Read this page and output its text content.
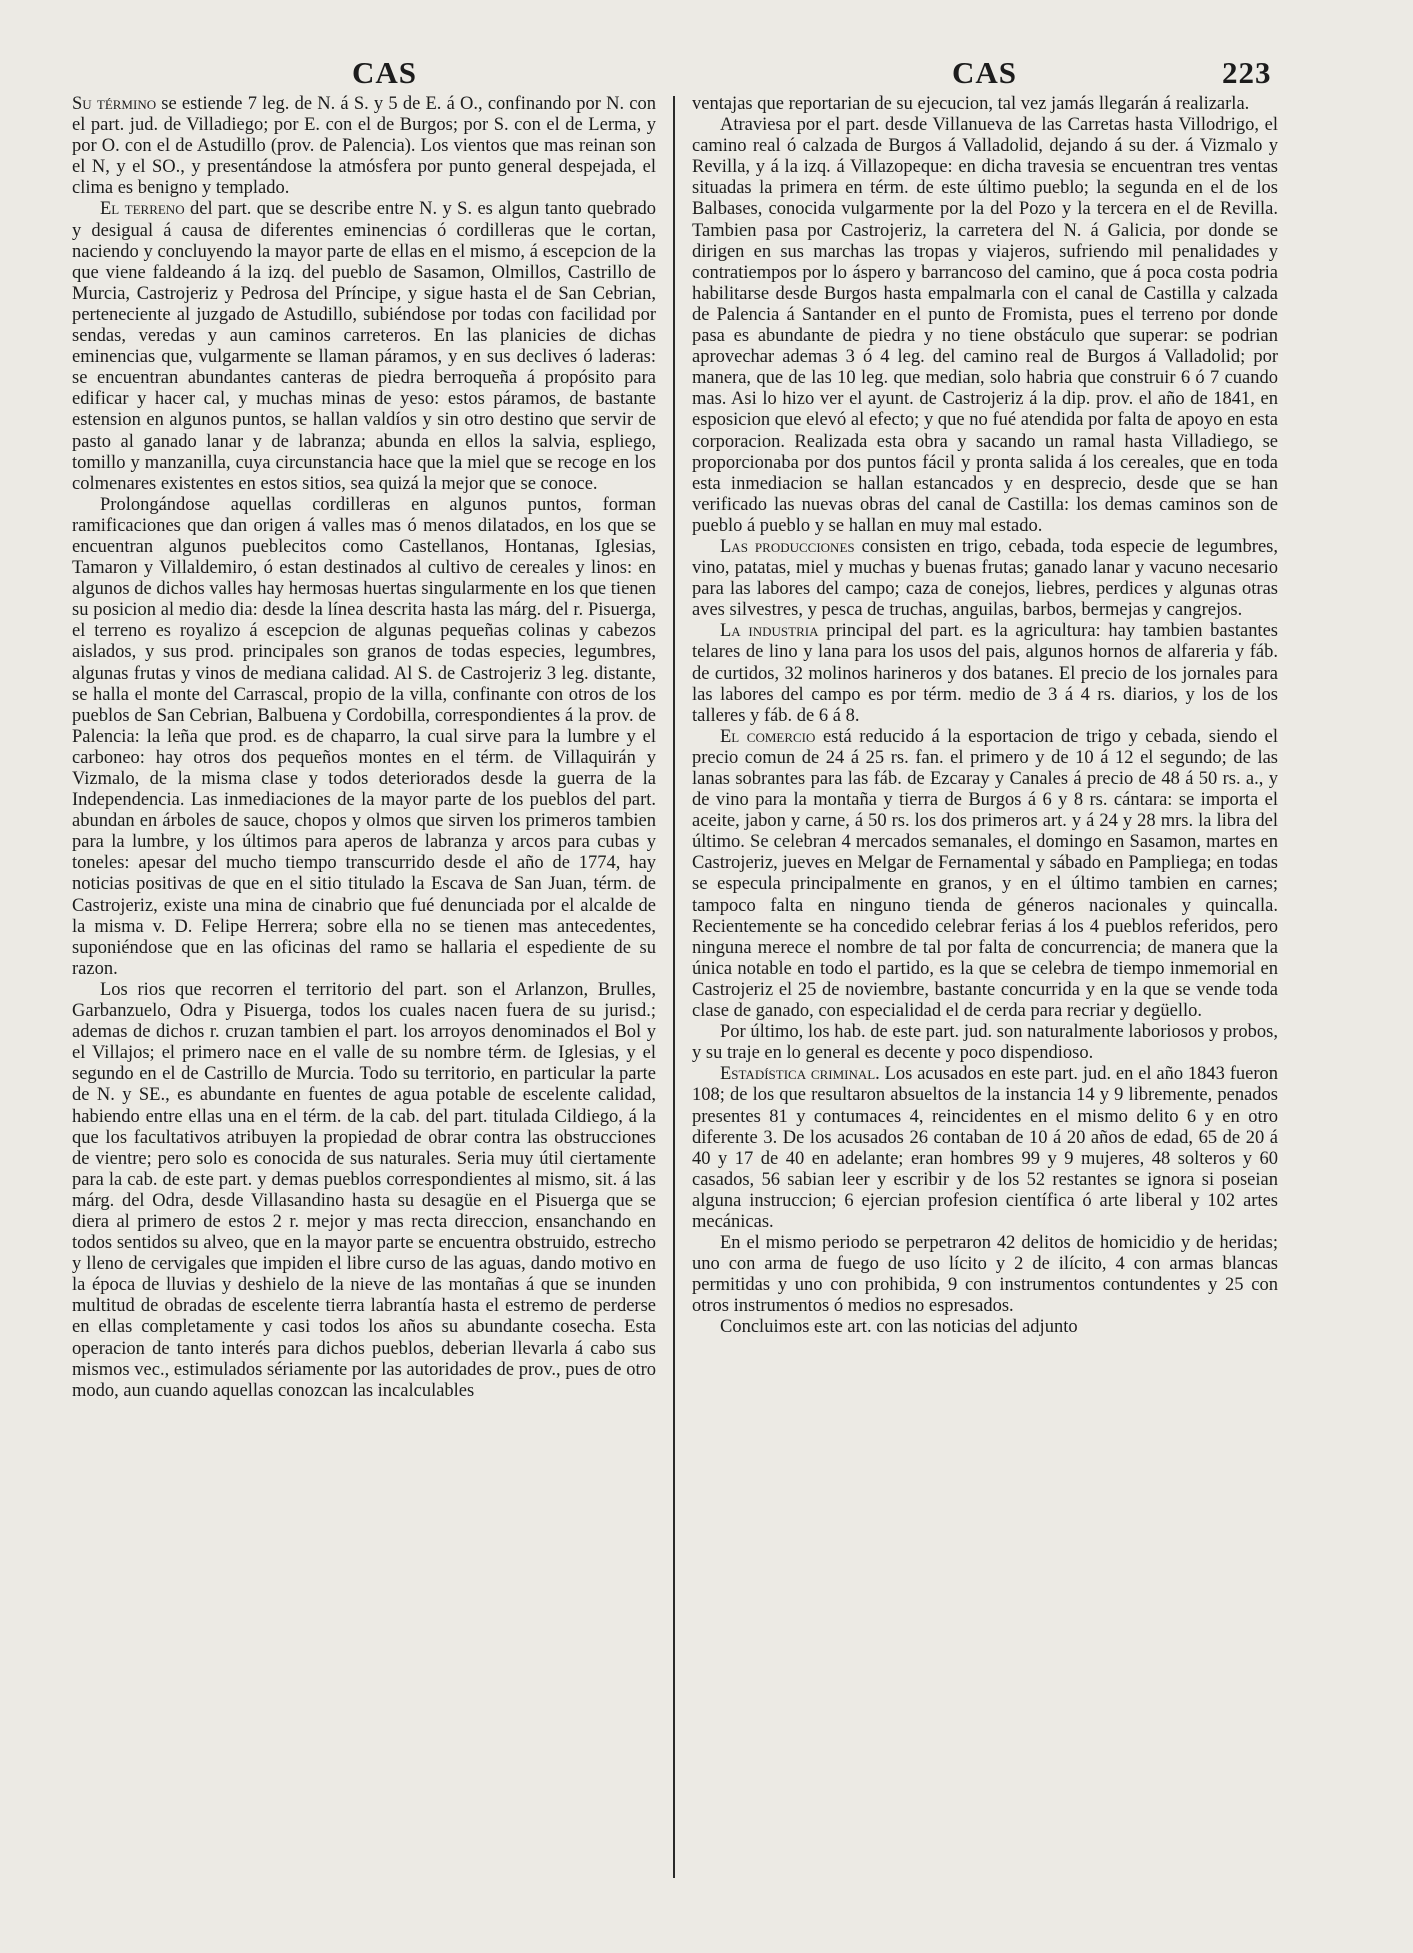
CAS	CAS	223

Su término se estiende 7 leg. de N. á S. y 5 de E. á O., confinando por N. con el part. jud. de Villadiego; por E. con el de Burgos; por S. con el de Lerma, y por O. con el de Astudillo (prov. de Palencia). Los vientos que mas reinan son el N, y el SO., y presentándose la atmósfera por punto general despejada, el clima es benigno y templado.

El terreno del part. que se describe entre N. y S. es algun tanto quebrado y desigual á causa de diferentes eminencias ó cordilleras que le cortan, naciendo y concluyendo la mayor parte de ellas en el mismo, á escepcion de la que viene faldeando á la izq. del pueblo de Sasamon, Olmillos, Castrillo de Murcia, Castrojeriz y Pedrosa del Príncipe, y sigue hasta el de San Cebrian, perteneciente al juzgado de Astudillo, subiéndose por todas con facilidad por sendas, veredas y aun caminos carreteros. En las planicies de dichas eminencias que, vulgarmente se llaman páramos, y en sus declives ó laderas: se encuentran abundantes canteras de piedra berroqueña á propósito para edificar y hacer cal, y muchas minas de yeso: estos páramos, de bastante estension en algunos puntos, se hallan valdíos y sin otro destino que servir de pasto al ganado lanar y de labranza; abunda en ellos la salvia, espliego, tomillo y manzanilla, cuya circunstancia hace que la miel que se recoge en los colmenares existentes en estos sitios, sea quizá la mejor que se conoce.

Prolongándose aquellas cordilleras en algunos puntos, forman ramificaciones que dan origen á valles mas ó menos dilatados, en los que se encuentran algunos pueblecitos como Castellanos, Hontanas, Iglesias, Tamaron y Villaldemiro, ó estan destinados al cultivo de cereales y linos: en algunos de dichos valles hay hermosas huertas singularmente en los que tienen su posicion al medio dia: desde la línea descrita hasta las márg. del r. Pisuerga, el terreno es royalizo á escepcion de algunas pequeñas colinas y cabezos aislados, y sus prod. principales son granos de todas especies, legumbres, algunas frutas y vinos de mediana calidad. Al S. de Castrojeriz 3 leg. distante, se halla el monte del Carrascal, propio de la villa, confinante con otros de los pueblos de San Cebrian, Balbuena y Cordobilla, correspondientes á la prov. de Palencia: la leña que prod. es de chaparro, la cual sirve para la lumbre y el carboneo: hay otros dos pequeños montes en el térm. de Villaquirán y Vizmalo, de la misma clase y todos deteriorados desde la guerra de la Independencia. Las inmediaciones de la mayor parte de los pueblos del part. abundan en árboles de sauce, chopos y olmos que sirven los primeros tambien para la lumbre, y los últimos para aperos de labranza y arcos para cubas y toneles: apesar del mucho tiempo transcurrido desde el año de 1774, hay noticias positivas de que en el sitio titulado la Escava de San Juan, térm. de Castrojeriz, existe una mina de cinabrio que fué denunciada por el alcalde de la misma v. D. Felipe Herrera; sobre ella no se tienen mas antecedentes, suponiéndose que en las oficinas del ramo se hallaria el espediente de su razon.

Los rios que recorren el territorio del part. son el Arlanzon, Brulles, Garbanzuelo, Odra y Pisuerga, todos los cuales nacen fuera de su jurisd.; ademas de dichos r. cruzan tambien el part. los arroyos denominados el Bol y el Villajos; el primero nace en el valle de su nombre térm. de Iglesias, y el segundo en el de Castrillo de Murcia. Todo su territorio, en particular la parte de N. y SE., es abundante en fuentes de agua potable de escelente calidad, habiendo entre ellas una en el térm. de la cab. del part. titulada Cildiego, á la que los facultativos atribuyen la propiedad de obrar contra las obstrucciones de vientre; pero solo es conocida de sus naturales. Seria muy útil ciertamente para la cab. de este part. y demas pueblos correspondientes al mismo, sit. á las márg. del Odra, desde Villasandino hasta su desagüe en el Pisuerga que se diera al primero de estos 2 r. mejor y mas recta direccion, ensanchando en todos sentidos su alveo, que en la mayor parte se encuentra obstruido, estrecho y lleno de cervigales que impiden el libre curso de las aguas, dando motivo en la época de lluvias y deshielo de la nieve de las montañas á que se inunden multitud de obradas de escelente tierra labrantía hasta el estremo de perderse en ellas completamente y casi todos los años su abundante cosecha. Esta operacion de tanto interés para dichos pueblos, deberian llevarla á cabo sus mismos vec., estimulados sériamente por las autoridades de prov., pues de otro modo, aun cuando aquellas conozcan las incalculables

ventajas que reportarian de su ejecucion, tal vez jamás llegarán á realizarla.

Atraviesa por el part. desde Villanueva de las Carretas hasta Villodrigo, el camino real ó calzada de Burgos á Valladolid, dejando á su der. á Vizmalo y Revilla, y á la izq. á Villazopeque: en dicha travesia se encuentran tres ventas situadas la primera en térm. de este último pueblo; la segunda en el de los Balbases, conocida vulgarmente por la del Pozo y la tercera en el de Revilla. Tambien pasa por Castrojeriz, la carretera del N. á Galicia, por donde se dirigen en sus marchas las tropas y viajeros, sufriendo mil penalidades y contratiempos por lo áspero y barrancoso del camino, que á poca costa podria habilitarse desde Burgos hasta empalmarla con el canal de Castilla y calzada de Palencia á Santander en el punto de Fromista, pues el terreno por donde pasa es abundante de piedra y no tiene obstáculo que superar: se podrian aprovechar ademas 3 ó 4 leg. del camino real de Burgos á Valladolid; por manera, que de las 10 leg. que median, solo habria que construir 6 ó 7 cuando mas. Asi lo hizo ver el ayunt. de Castrojeriz á la dip. prov. el año de 1841, en esposicion que elevó al efecto; y que no fué atendida por falta de apoyo en esta corporacion. Realizada esta obra y sacando un ramal hasta Villadiego, se proporcionaba por dos puntos fácil y pronta salida á los cereales, que en toda esta inmediacion se hallan estancados y en desprecio, desde que se han verificado las nuevas obras del canal de Castilla: los demas caminos son de pueblo á pueblo y se hallan en muy mal estado.

Las producciones consisten en trigo, cebada, toda especie de legumbres, vino, patatas, miel y muchas y buenas frutas; ganado lanar y vacuno necesario para las labores del campo; caza de conejos, liebres, perdices y algunas otras aves silvestres, y pesca de truchas, anguilas, barbos, bermejas y cangrejos.

La industria principal del part. es la agricultura: hay tambien bastantes telares de lino y lana para los usos del pais, algunos hornos de alfareria y fáb. de curtidos, 32 molinos harineros y dos batanes. El precio de los jornales para las labores del campo es por térm. medio de 3 á 4 rs. diarios, y los de los talleres y fáb. de 6 á 8.

El comercio está reducido á la esportacion de trigo y cebada, siendo el precio comun de 24 á 25 rs. fan. el primero y de 10 á 12 el segundo; de las lanas sobrantes para las fáb. de Ezcaray y Canales á precio de 48 á 50 rs. a., y de vino para la montaña y tierra de Burgos á 6 y 8 rs. cántara: se importa el aceite, jabon y carne, á 50 rs. los dos primeros art. y á 24 y 28 mrs. la libra del último. Se celebran 4 mercados semanales, el domingo en Sasamon, martes en Castrojeriz, jueves en Melgar de Fernamental y sábado en Pampliega; en todas se especula principalmente en granos, y en el último tambien en carnes; tampoco falta en ninguno tienda de géneros nacionales y quincalla. Recientemente se ha concedido celebrar ferias á los 4 pueblos referidos, pero ninguna merece el nombre de tal por falta de concurrencia; de manera que la única notable en todo el partido, es la que se celebra de tiempo inmemorial en Castrojeriz el 25 de noviembre, bastante concurrida y en la que se vende toda clase de ganado, con especialidad el de cerda para recriar y degüello.

Por último, los hab. de este part. jud. son naturalmente laboriosos y probos, y su traje en lo general es decente y poco dispendioso.

Estadística criminal. Los acusados en este part. jud. en el año 1843 fueron 108; de los que resultaron absueltos de la instancia 14 y 9 libremente, penados presentes 81 y contumaces 4, reincidentes en el mismo delito 6 y en otro diferente 3. De los acusados 26 contaban de 10 á 20 años de edad, 65 de 20 á 40 y 17 de 40 en adelante; eran hombres 99 y 9 mujeres, 48 solteros y 60 casados, 56 sabian leer y escribir y de los 52 restantes se ignora si poseian alguna instruccion; 6 ejercian profesion científica ó arte liberal y 102 artes mecánicas.

En el mismo periodo se perpetraron 42 delitos de homicidio y de heridas; uno con arma de fuego de uso lícito y 2 de ilícito, 4 con armas blancas permitidas y uno con prohibida, 9 con instrumentos contundentes y 25 con otros instrumentos ó medios no espresados.

Concluimos este art. con las noticias del adjunto
